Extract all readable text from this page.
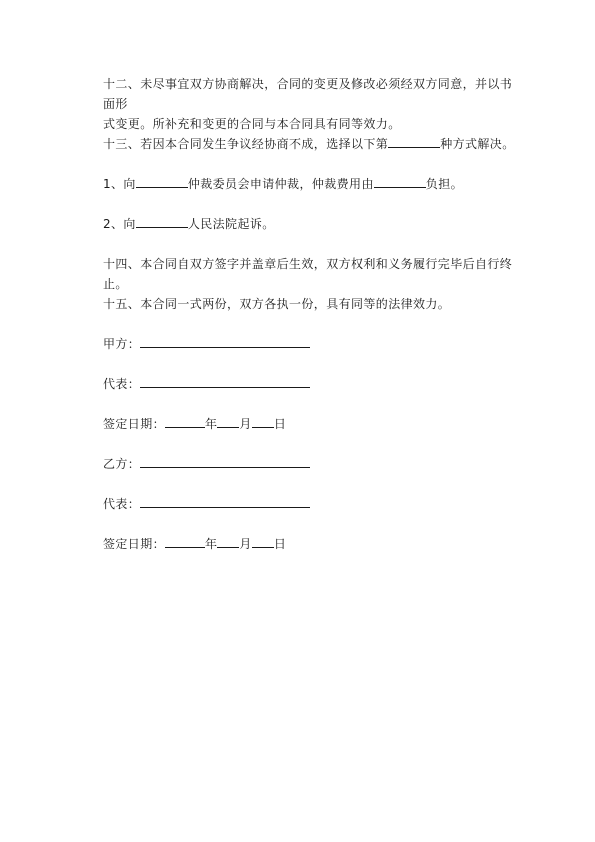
十二、未尽事宜双方协商解决，合同的变更及修改必须经双方同意，并以书面形
式变更。所补充和变更的合同与本合同具有同等效力。
十三、若因本合同发生争议经协商不成，选择以下第	种方式解决。
1、向	仲裁委员会申请仲裁，仲裁费用由	负担。
2、向	人民法院起诉。
十四、本合同自双方签字并盖章后生效，双方权利和义务履行完毕后自行终止。
十五、本合同一式两份，双方各执一份，具有同等的法律效力。
甲方：
代表：
签定日期：	年 月 日
乙方：
代表：
签定日期：	年 月 日
